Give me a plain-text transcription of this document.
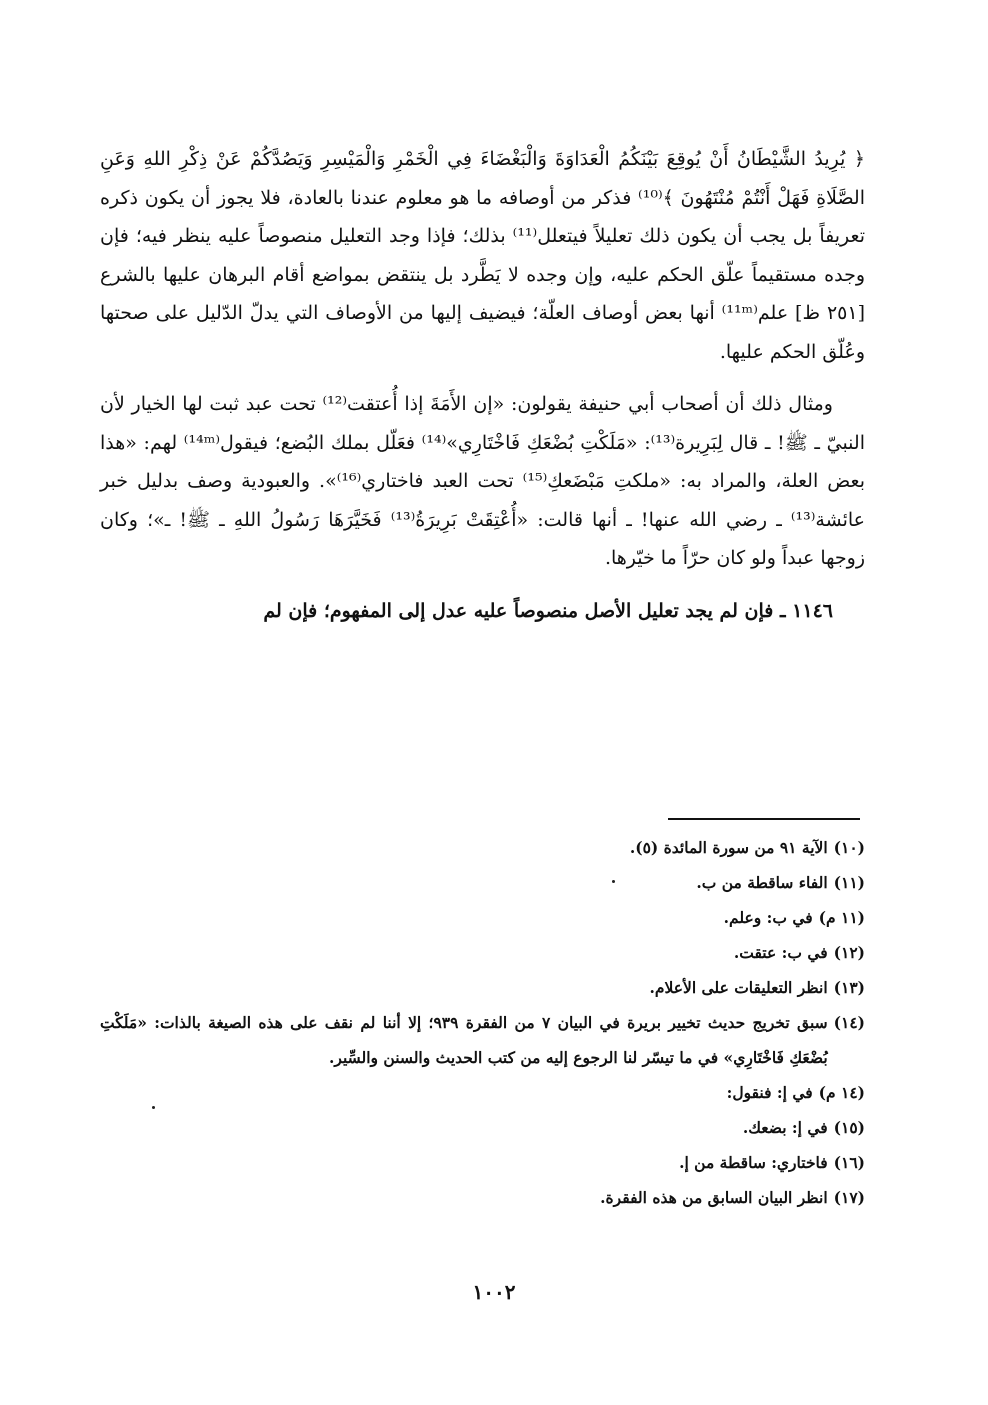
﴿ يُرِيدُ الشَّيْطَانُ أَنْ يُوقِعَ بَيْنَكُمُ الْعَدَاوَةَ وَالْبَغْضَاءَ فِي الْخَمْرِ وَالْمَيْسِرِ وَيَصُدَّكُمْ عَنْ ذِكْرِ اللهِ وَعَنِ الصَّلَاةِ فَهَلْ أَنْتُمْ مُنْتَهُونَ ﴾⁽¹⁰⁾ فذكر من أوصافه ما هو معلوم عندنا بالعادة، فلا يجوز أن يكون ذكره تعريفاً بل يجب أن يكون ذلك تعليلاً فيتعلل⁽¹¹⁾ بذلك؛ فإذا وجد التعليل منصوصاً عليه ينظر فيه؛ فإن وجده مستقيماً علّق الحكم عليه، وإن وجده لا يَطَّرد بل ينتقض بمواضع أقام البرهان عليها بالشرع [٢٥١ ظ] علم⁽¹¹ᵐ⁾ أنها بعض أوصاف العلّة؛ فيضيف إليها من الأوصاف التي يدلّ الدّليل على صحتها وعُلّق الحكم عليها.

ومثال ذلك أن أصحاب أبي حنيفة يقولون: «إن الأَمَةَ إذا أُعتقت⁽¹²⁾ تحت عبد ثبت لها الخيار لأن النبيّ ـ ﷺ! ـ قال لِبَرِيرة⁽¹³⁾: «مَلَكْتِ بُضْعَكِ فَاخْتَارِي»⁽¹⁴⁾ فعَلّل بملك البُضع؛ فيقول⁽¹⁴ᵐ⁾ لهم: «هذا بعض العلة، والمراد به: «ملكتِ مَبْضَعكِ⁽¹⁵⁾ تحت العبد فاختاري⁽¹⁶⁾». والعبودية وصف بدليل خبر عائشة⁽¹³⁾ ـ رضي الله عنها! ـ أنها قالت: «أُعْتِقَتْ بَرِيرَةُ⁽¹³⁾ فَخَيَّرَهَا رَسُولُ اللهِ ـ ﷺ! ـ»؛ وكان زوجها عبداً ولو كان حرّاً ما خيّرها.

١١٤٦ ـ فإن لم يجد تعليل الأصل منصوصاً عليه عدل إلى المفهوم؛ فإن لم

(١٠)
الآية ٩١ من سورة المائدة (٥).
(١١)
الفاء ساقطة من ب.
(١١ م)
في ب: وعلم.
(١٢)
في ب: عتقت.
(١٣)
انظر التعليقات على الأعلام.
(١٤)
سبق تخريج حديث تخيير بريرة في البيان ٧ من الفقرة ٩٣٩؛ إلا أننا لم نقف على هذه الصيغة بالذات: «مَلَكْتِ بُضْعَكِ فَاخْتَارِي» في ما تيسّر لنا الرجوع إليه من كتب الحديث والسنن والسِّير.
(١٤ م)
في إ: فنقول:
(١٥)
في إ: بضعك.
(١٦)
فاختاري: ساقطة من إ.
(١٧)
انظر البيان السابق من هذه الفقرة.
١٠٠٢
